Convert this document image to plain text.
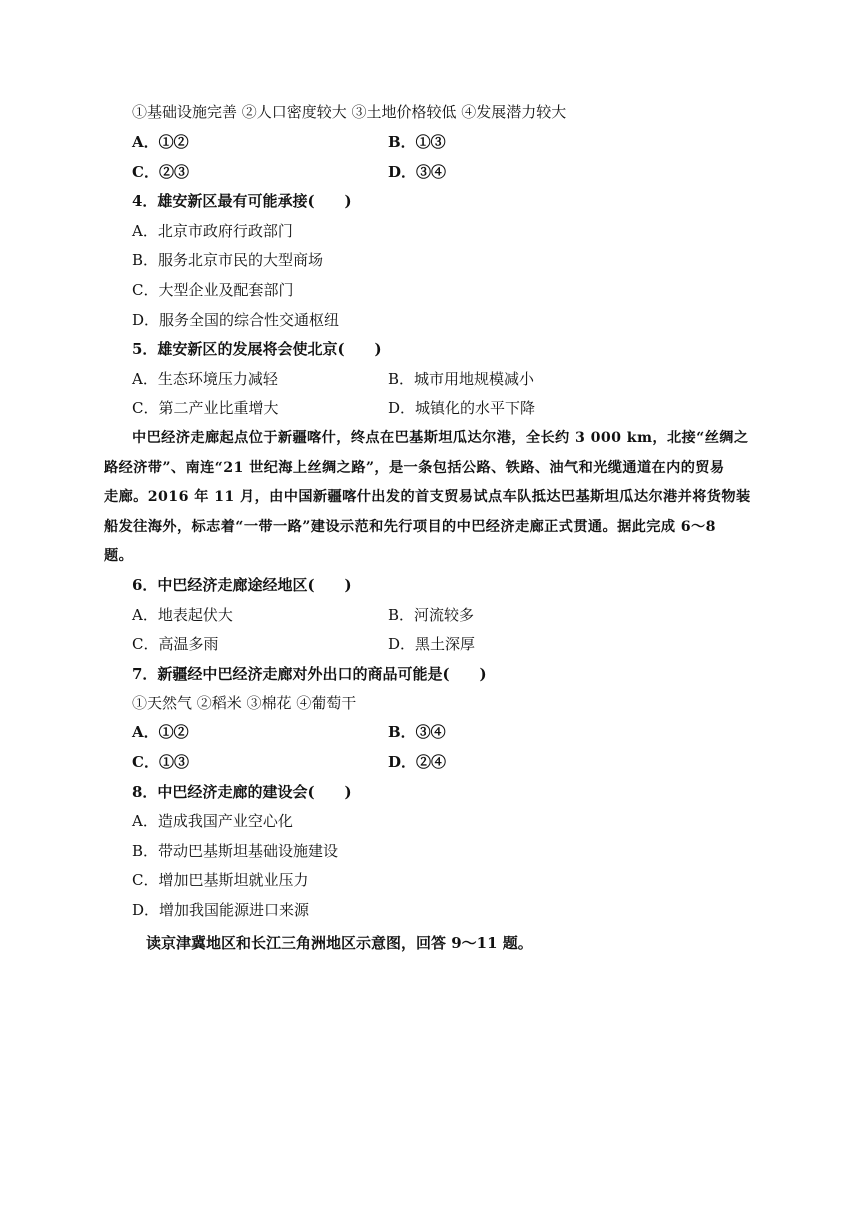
①基础设施完善 ②人口密度较大 ③土地价格较低 ④发展潜力较大
A．①②	B．①③
C．②③	D．③④
4．雄安新区最有可能承接(　　)
A．北京市政府行政部门
B．服务北京市民的大型商场
C．大型企业及配套部门
D．服务全国的综合性交通枢纽
5．雄安新区的发展将会使北京(　　)
A．生态环境压力减轻	B．城市用地规模减小
C．第二产业比重增大	D．城镇化的水平下降
中巴经济走廊起点位于新疆喀什，终点在巴基斯坦瓜达尔港，全长约 3 000 km，北接“丝绸之
路经济带”、南连“21 世纪海上丝绸之路”，是一条包括公路、铁路、油气和光缆通道在内的贸易
走廊。2016 年 11 月，由中国新疆喀什出发的首支贸易试点车队抵达巴基斯坦瓜达尔港并将货物装
船发往海外，标志着“一带一路”建设示范和先行项目的中巴经济走廊正式贯通。据此完成 6～8
题。
6．中巴经济走廊途经地区(　　)
A．地表起伏大	B．河流较多
C．高温多雨	D．黑土深厚
7．新疆经中巴经济走廊对外出口的商品可能是(　　)
①天然气 ②稻米 ③棉花 ④葡萄干
A．①②	B．③④
C．①③	D．②④
8．中巴经济走廊的建设会(　　)
A．造成我国产业空心化
B．带动巴基斯坦基础设施建设
C．增加巴基斯坦就业压力
D．增加我国能源进口来源
读京津冀地区和长江三角洲地区示意图，回答 9～11 题。
